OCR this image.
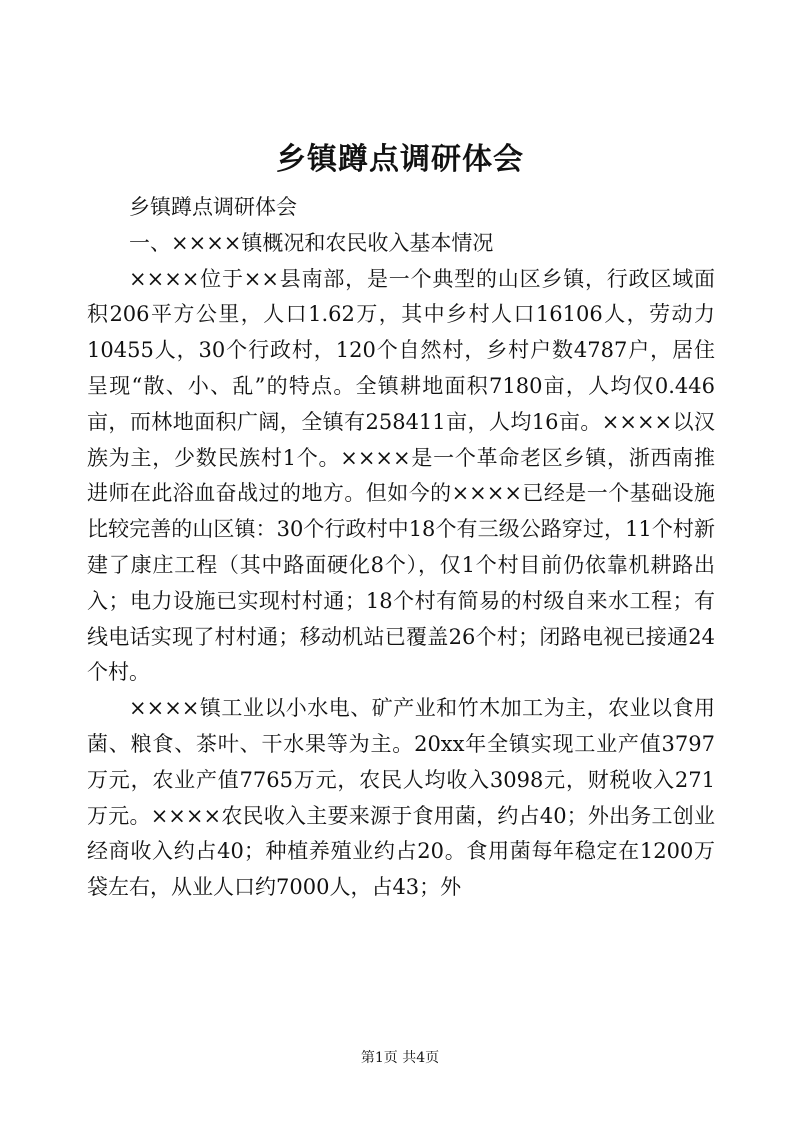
乡镇蹲点调研体会

乡镇蹲点调研体会

一、××××镇概况和农民收入基本情况

××××位于××县南部，是一个典型的山区乡镇，行政区域面积206平方公里，人口1.62万，其中乡村人口16106人，劳动力10455人，30个行政村，120个自然村，乡村户数4787户，居住呈现“散、小、乱”的特点。全镇耕地面积7180亩，人均仅0.446亩，而林地面积广阔，全镇有258411亩，人均16亩。××××以汉族为主，少数民族村1个。××××是一个革命老区乡镇，浙西南推进师在此浴血奋战过的地方。但如今的××××已经是一个基础设施比较完善的山区镇：30个行政村中18个有三级公路穿过，11个村新建了康庄工程（其中路面硬化8个），仅1个村目前仍依靠机耕路出入；电力设施已实现村村通；18个村有简易的村级自来水工程；有线电话实现了村村通；移动机站已覆盖26个村；闭路电视已接通24个村。

××××镇工业以小水电、矿产业和竹木加工为主，农业以食用菌、粮食、茶叶、干水果等为主。20xx年全镇实现工业产值3797万元，农业产值7765万元，农民人均收入3098元，财税收入271万元。××××农民收入主要来源于食用菌，约占40；外出务工创业经商收入约占40；种植养殖业约占20。食用菌每年稳定在1200万袋左右，从业人口约7000人，占43；外

第1页 共4页
